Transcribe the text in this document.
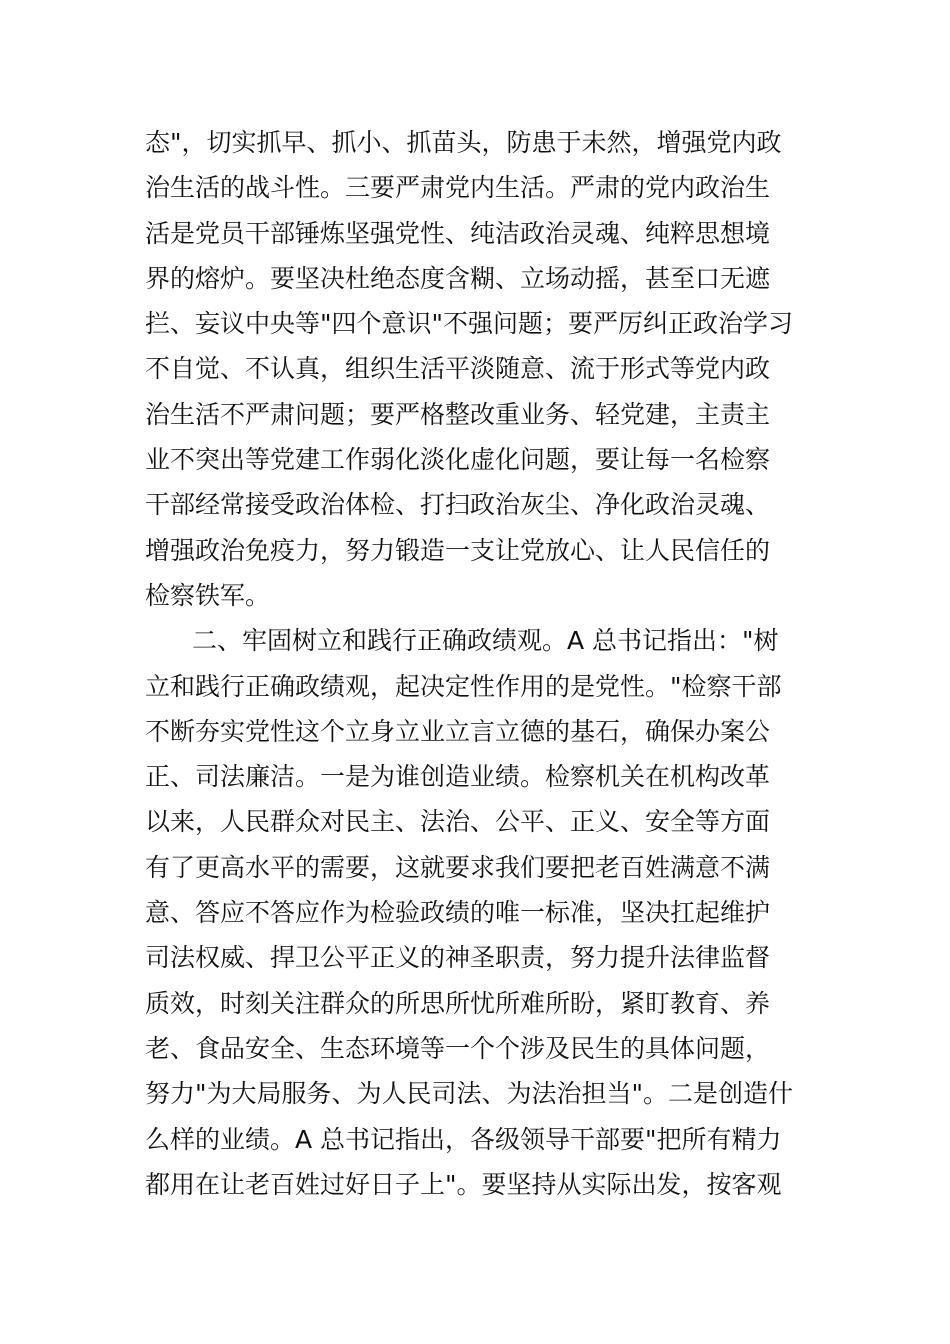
态"，切实抓早、抓小、抓苗头，防患于未然，增强党内政
治生活的战斗性。三要严肃党内生活。严肃的党内政治生
活是党员干部锤炼坚强党性、纯洁政治灵魂、纯粹思想境
界的熔炉。要坚决杜绝态度含糊、立场动摇，甚至口无遮
拦、妄议中央等"四个意识"不强问题；要严厉纠正政治学习
不自觉、不认真，组织生活平淡随意、流于形式等党内政
治生活不严肃问题；要严格整改重业务、轻党建，主责主
业不突出等党建工作弱化淡化虚化问题，要让每一名检察
干部经常接受政治体检、打扫政治灰尘、净化政治灵魂、
增强政治免疫力，努力锻造一支让党放心、让人民信任的
检察铁军。
二、牢固树立和践行正确政绩观。A 总书记指出："树
立和践行正确政绩观，起决定性作用的是党性。"检察干部
不断夯实党性这个立身立业立言立德的基石，确保办案公
正、司法廉洁。一是为谁创造业绩。检察机关在机构改革
以来，人民群众对民主、法治、公平、正义、安全等方面
有了更高水平的需要，这就要求我们要把老百姓满意不满
意、答应不答应作为检验政绩的唯一标准，坚决扛起维护
司法权威、捍卫公平正义的神圣职责，努力提升法律监督
质效，时刻关注群众的所思所忧所难所盼，紧盯教育、养
老、食品安全、生态环境等一个个涉及民生的具体问题，
努力"为大局服务、为人民司法、为法治担当"。二是创造什
么样的业绩。A 总书记指出，各级领导干部要"把所有精力
都用在让老百姓过好日子上"。要坚持从实际出发，按客观
